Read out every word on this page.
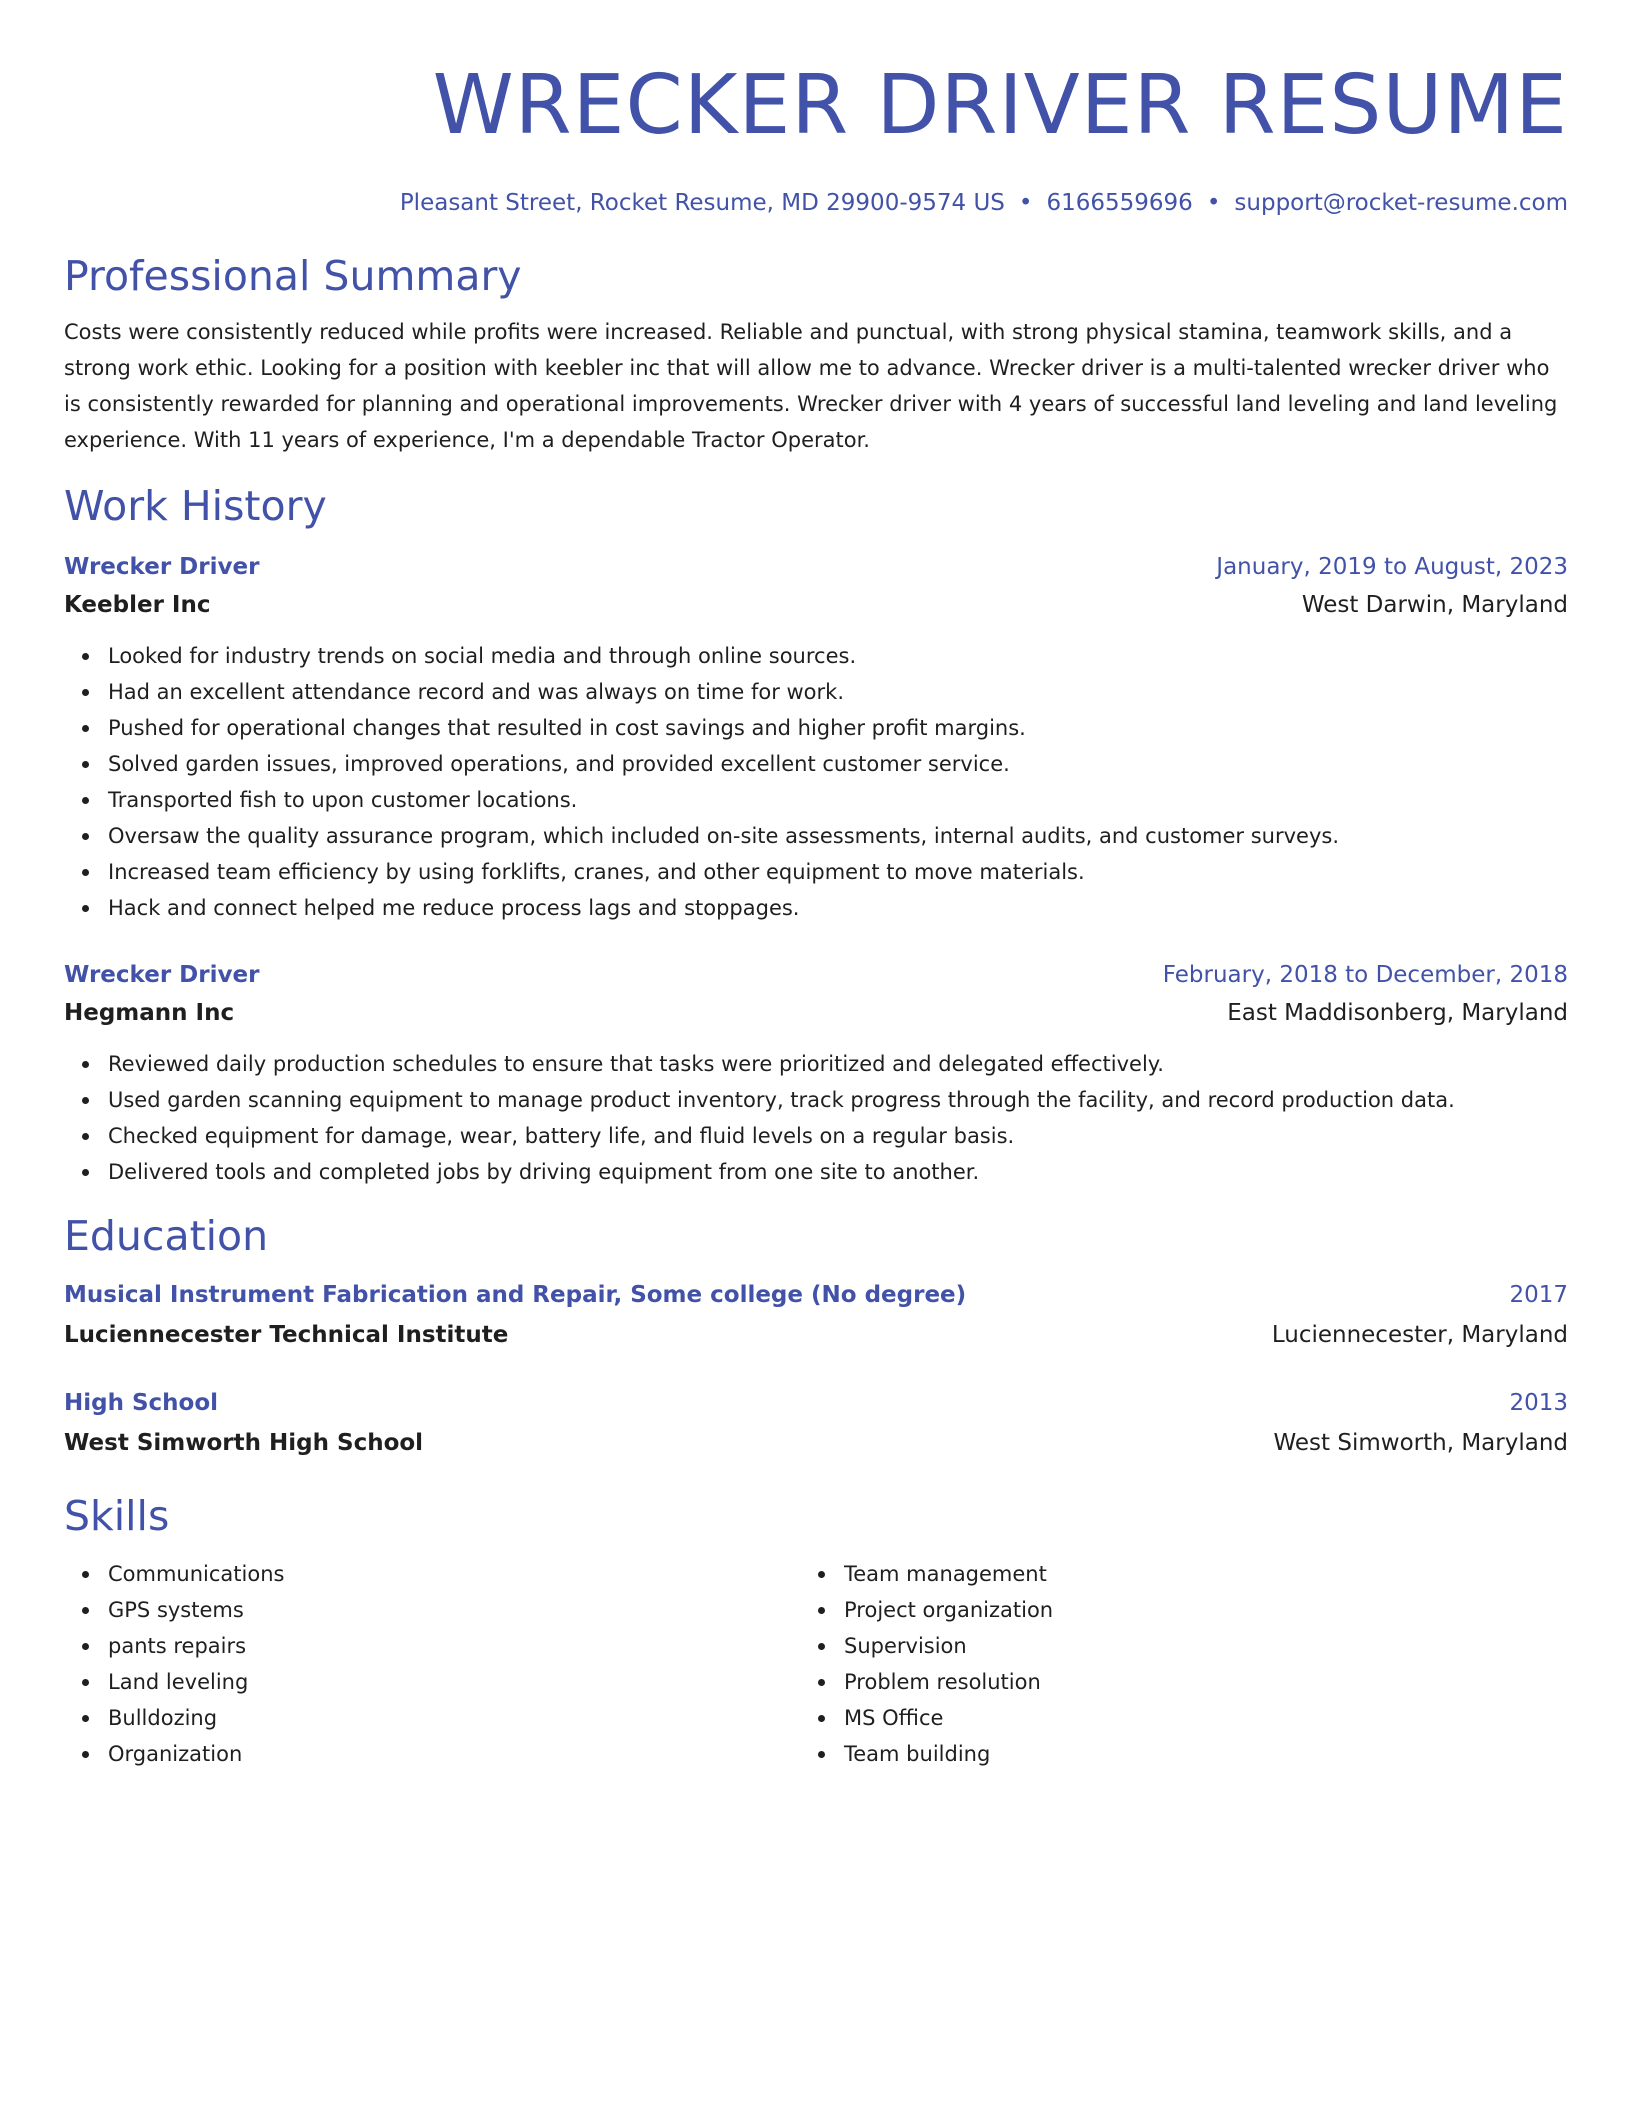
WRECKER DRIVER RESUME
Pleasant Street, Rocket Resume, MD 29900-9574 US • 6166559696 • support@rocket-resume.com
Professional Summary

Costs were consistently reduced while profits were increased. Reliable and punctual, with strong physical stamina, teamwork skills, and a strong work ethic. Looking for a position with keebler inc that will allow me to advance. Wrecker driver is a multi-talented wrecker driver who is consistently rewarded for planning and operational improvements. Wrecker driver with 4 years of successful land leveling and land leveling experience. With 11 years of experience, I'm a dependable Tractor Operator.

Work History
Wrecker Driver	January, 2019 to August, 2023
Keebler Inc	West Darwin, Maryland
Looked for industry trends on social media and through online sources.
Had an excellent attendance record and was always on time for work.
Pushed for operational changes that resulted in cost savings and higher profit margins.
Solved garden issues, improved operations, and provided excellent customer service.
Transported fish to upon customer locations.
Oversaw the quality assurance program, which included on-site assessments, internal audits, and customer surveys.
Increased team efficiency by using forklifts, cranes, and other equipment to move materials.
Hack and connect helped me reduce process lags and stoppages.
Wrecker Driver	February, 2018 to December, 2018
Hegmann Inc	East Maddisonberg, Maryland
Reviewed daily production schedules to ensure that tasks were prioritized and delegated effectively.
Used garden scanning equipment to manage product inventory, track progress through the facility, and record production data.
Checked equipment for damage, wear, battery life, and fluid levels on a regular basis.
Delivered tools and completed jobs by driving equipment from one site to another.
Education
Musical Instrument Fabrication and Repair, Some college (No degree)	2017
Luciennecester Technical Institute	Luciennecester, Maryland
High School	2013
West Simworth High School	West Simworth, Maryland
Skills
Communications
GPS systems
pants repairs
Land leveling
Bulldozing
Organization
Team management
Project organization
Supervision
Problem resolution
MS Office
Team building
